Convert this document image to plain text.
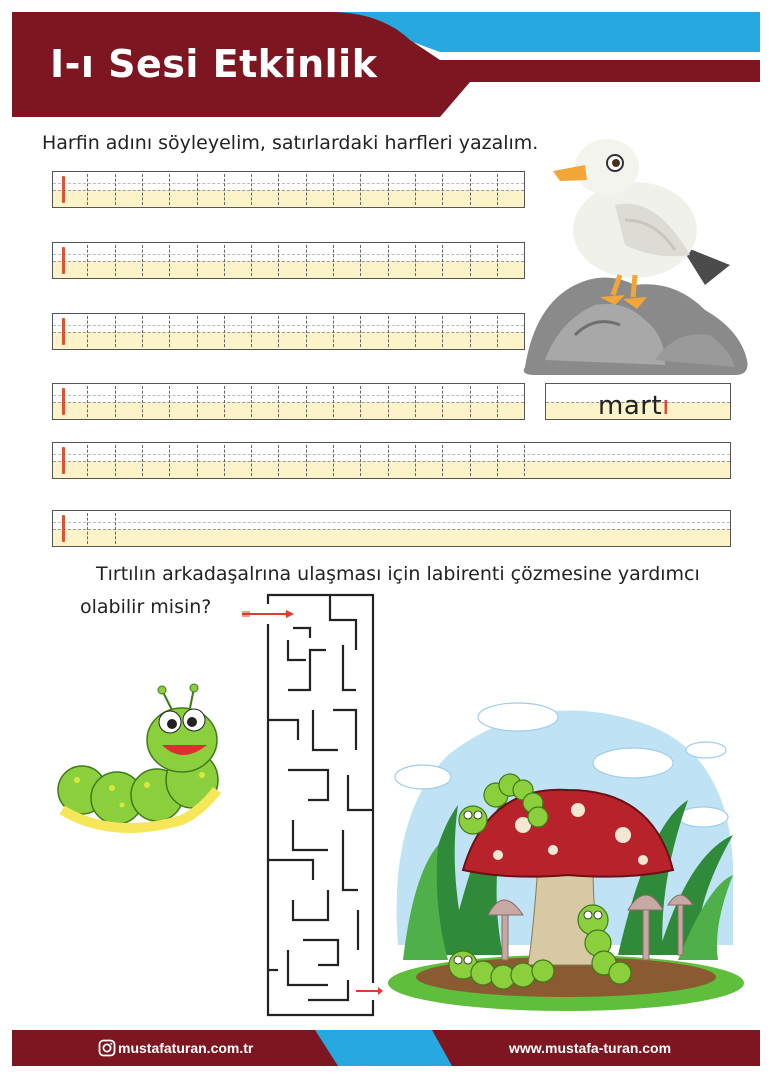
I-ı Sesi Etkinlik
Harfin adını söyleyelim, satırlardaki harfleri yazalım.
martı
Tırtılın arkadaşalrına ulaşması için labirenti çözmesine yardımcı
olabilir misin?
mustafaturan.com.tr	www.mustafa-turan.com
